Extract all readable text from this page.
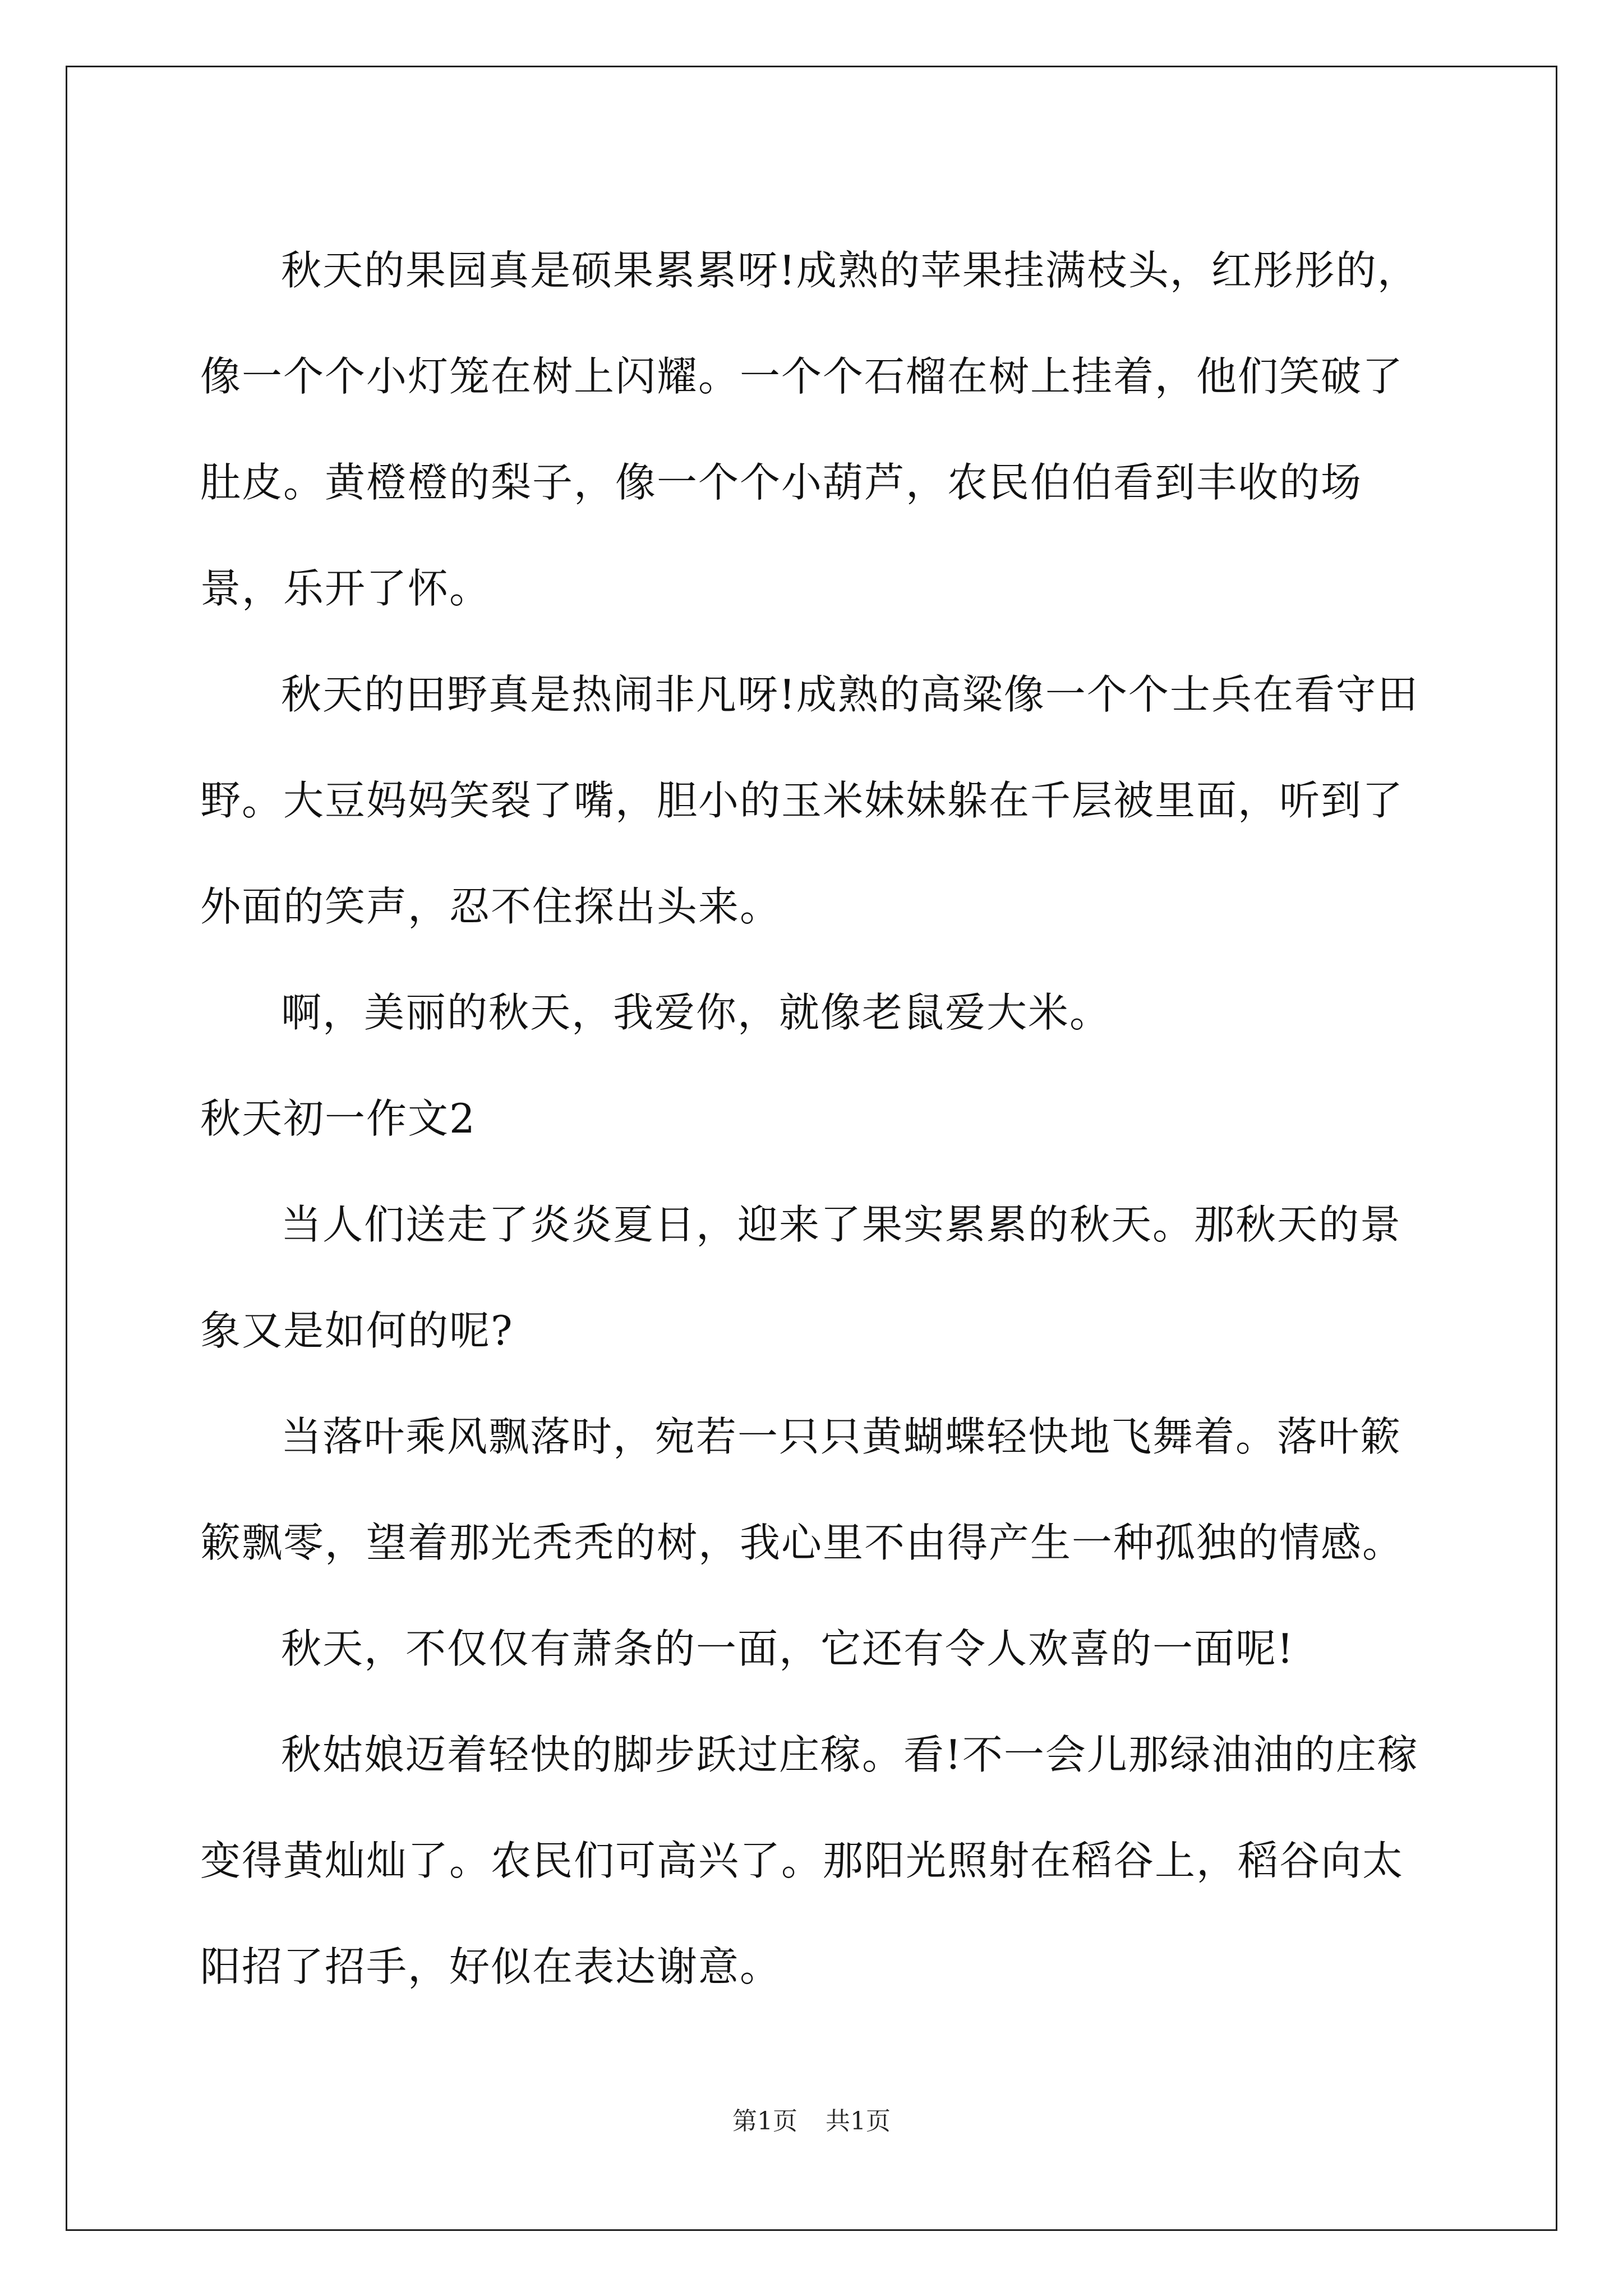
秋天的果园真是硕果累累呀!成熟的苹果挂满枝头，红彤彤的，像一个个小灯笼在树上闪耀。一个个石榴在树上挂着，他们笑破了肚皮。黄橙橙的梨子，像一个个小葫芦，农民伯伯看到丰收的场景，乐开了怀。

秋天的田野真是热闹非凡呀!成熟的高粱像一个个士兵在看守田野。大豆妈妈笑裂了嘴，胆小的玉米妹妹躲在千层被里面，听到了外面的笑声，忍不住探出头来。

啊，美丽的秋天，我爱你，就像老鼠爱大米。

秋天初一作文2

当人们送走了炎炎夏日，迎来了果实累累的秋天。那秋天的景象又是如何的呢?

当落叶乘风飘落时，宛若一只只黄蝴蝶轻快地飞舞着。落叶簌簌飘零，望着那光秃秃的树，我心里不由得产生一种孤独的情感。

秋天，不仅仅有萧条的一面，它还有令人欢喜的一面呢!

秋姑娘迈着轻快的脚步跃过庄稼。看!不一会儿那绿油油的庄稼变得黄灿灿了。农民们可高兴了。那阳光照射在稻谷上，稻谷向太阳招了招手，好似在表达谢意。

第1页 共1页
